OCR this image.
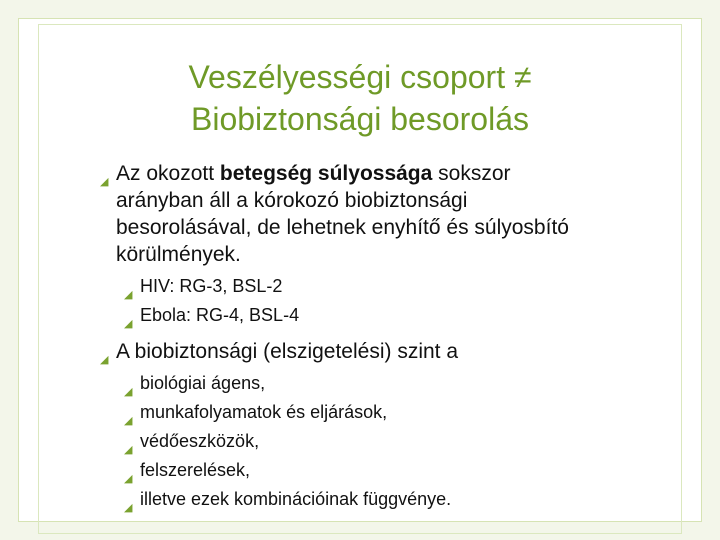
Veszélyességi csoport ≠
Biobiztonsági besorolás
◢ Az okozott betegség súlyossága sokszor arányban áll a kórokozó biobiztonsági besorolásával, de lehetnek enyhítő és súlyosbító körülmények.
◢ HIV: RG-3, BSL-2
◢ Ebola: RG-4, BSL-4
◢ A biobiztonsági (elszigetelési) szint a
◢ biológiai ágens,
◢ munkafolyamatok és eljárások,
◢ védőeszközök,
◢ felszerelések,
◢ illetve ezek kombinációinak függvénye.
